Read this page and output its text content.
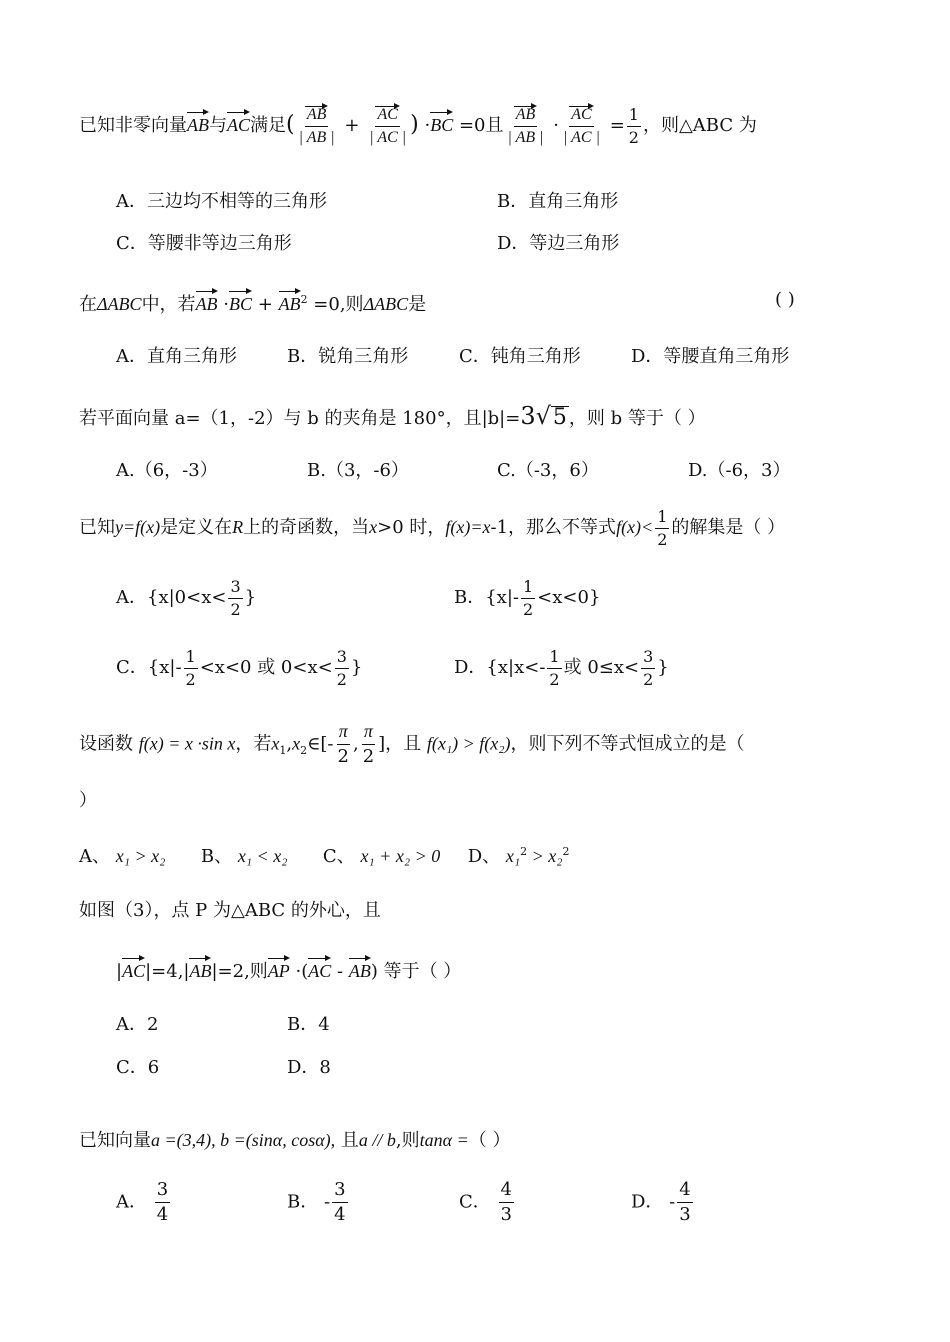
已知非零向量AB与AC满足( $\frac{AB}{| AB |} + \frac{AC}{| AC |}$ ) ·BC =0且 $\frac{AB}{| AB |} \cdot \frac{AC}{| AC |} = \frac{1}{2}$ ，则△ABC 为
A．三边均不相等的三角形	B．直角三角形
C．等腰非等边三角形	D．等边三角形
在ΔABC中，若AB $\cdot BC + AB^2 =0$,则ΔABC是	( )
A．直角三角形	B．锐角三角形	C．钝角三角形	D．等腰直角三角形
若平面向量 a=（1，-2）与 b 的夹角是 180°，且|b|=3√5 ，则 b 等于（ ）
A.（6，-3）	B.（3，-6）	C.（-3，6）	D.（-6，3）
已知y=f(x)是定义在R上的奇函数，当x>0 时，f(x)=x-1，那么不等式$f(x)< \frac{1}{2}$ 的解集是（ ）
A．{$x|0<x< \frac{3}{2}$ }	B．$\{x|- \frac{1}{2} <x<0\}$
C．{$x|- \frac{1}{2} <x<0$ 或 $0<x< \frac{3}{2}$ }	D．{$x|x<- \frac{1}{2}$ 或 $0\le x< \frac{3}{2}$ }
设函数 f(x) = x ·sin x，若$x_1,x_2\in[- \frac{\pi}{2}$ , $\frac{\pi}{2}$ ]，且 f(x₁) > f(x₂)，则下列不等式恒成立的是（
）
A、 x₁ > x₂ B、 x₁ < x₂ C、 x₁ + x₂ > 0 D、 x₁$^2$ > x₂$^2$
如图（3），点 P 为△ABC 的外心，且
|AC|=4,|AB|=2,则AP ·(AC - AB) 等于（ ）
A．2	B．4
C．6	D．8
已知向量a =(3,4), b =(sinα, cosα), 且a // b,则tanα =（ ）
A． $\frac{3}{4}$	B． - $\frac{3}{4}$	C． $\frac{4}{3}$	D． - $\frac{4}{3}$
